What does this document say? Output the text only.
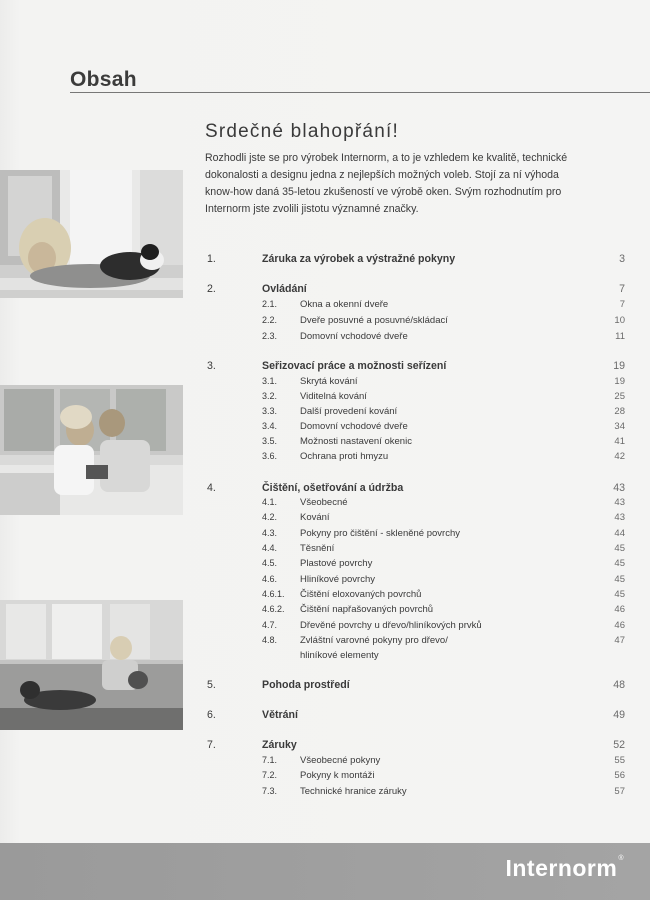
Obsah
Srdečné blahopřání!
Rozhodli jste se pro výrobek Internorm, a to je vzhledem ke kvalitě, technické
dokonalosti a designu jedna z nejlepších možných voleb. Stojí za ní výhoda
know-how daná 35-letou zkušeností ve výrobě oken. Svým rozhodnutím pro
Internorm jste zvolili jistotu významné značky.
1.	Záruka za výrobek a výstražné pokyny	3
2.	Ovládání	7
2.1. Okna a okenní dveře	7
2.2. Dveře posuvné a posuvné/skládací	10
2.3. Domovní vchodové dveře	11
3.	Seřizovací práce a možnosti seřízení	19
3.1. Skrytá kování	19
3.2. Viditelná kování	25
3.3. Další provedení kování	28
3.4. Domovní vchodové dveře	34
3.5. Možnosti nastavení okenic	41
3.6. Ochrana proti hmyzu	42
4.	Čištění, ošetřování a údržba	43
4.1. Všeobecné	43
4.2. Kování	43
4.3. Pokyny pro čištění - skleněné povrchy	44
4.4. Těsnění	45
4.5. Plastové povrchy	45
4.6. Hliníkové povrchy	45
4.6.1. Čištění eloxovaných povrchů	45
4.6.2. Čištění napřašovaných povrchů	46
4.7. Dřevěné povrchy u dřevo/hliníkových prvků	46
4.8. Zvláštní varovné pokyny pro dřevo/	47
hliníkové elementy
5.	Pohoda prostředí	48
6.	Větrání	49
7.	Záruky	52
7.1. Všeobecné pokyny	55
7.2. Pokyny k montáži	56
7.3. Technické hranice záruky	57
Internorm®
